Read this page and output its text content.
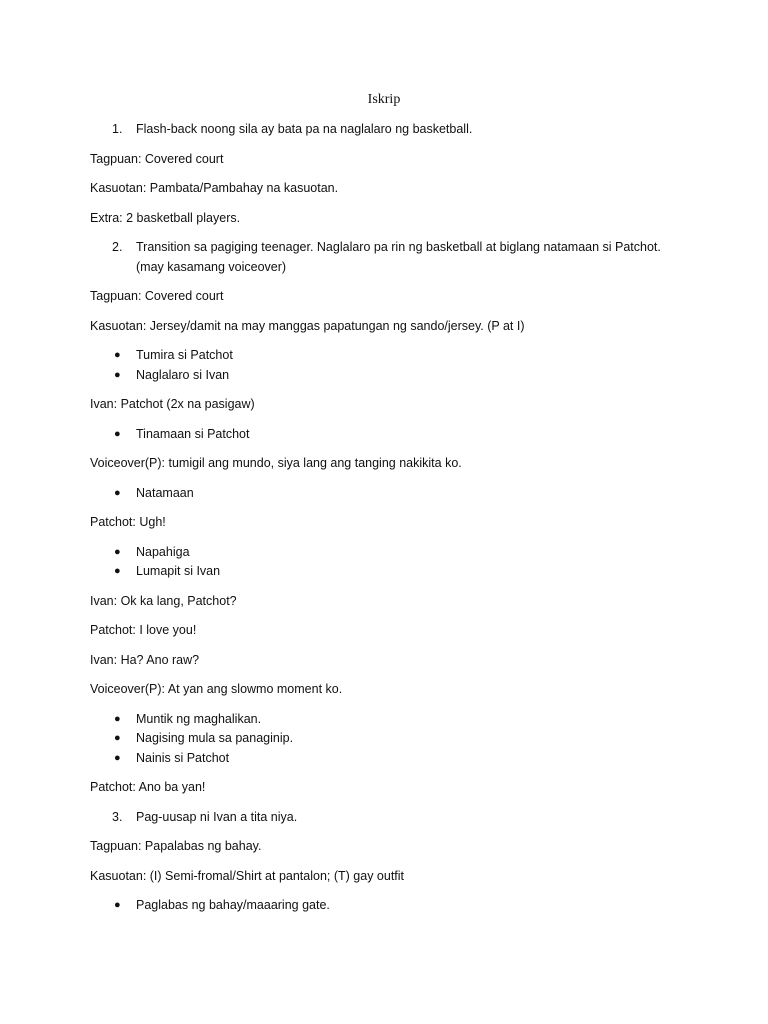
Iskrip
1. Flash-back noong sila ay bata pa na naglalaro ng basketball.
Tagpuan: Covered court
Kasuotan: Pambata/Pambahay na kasuotan.
Extra: 2 basketball players.
2. Transition sa pagiging teenager. Naglalaro pa rin ng basketball at biglang natamaan si Patchot.
(may kasamang voiceover)
Tagpuan: Covered court
Kasuotan: Jersey/damit na may manggas papatungan ng sando/jersey. (P at I)
● Tumira si Patchot
● Naglalaro si Ivan
Ivan: Patchot (2x na pasigaw)
● Tinamaan si Patchot
Voiceover(P): tumigil ang mundo, siya lang ang tanging nakikita ko.
● Natamaan
Patchot: Ugh!
● Napahiga
● Lumapit si Ivan
Ivan: Ok ka lang, Patchot?
Patchot: I love you!
Ivan: Ha? Ano raw?
Voiceover(P): At yan ang slowmo moment ko.
● Muntik ng maghalikan.
● Nagising mula sa panaginip.
● Nainis si Patchot
Patchot: Ano ba yan!
3. Pag-uusap ni Ivan a tita niya.
Tagpuan: Papalabas ng bahay.
Kasuotan: (I) Semi-fromal/Shirt at pantalon; (T) gay outfit
● Paglabas ng bahay/maaaring gate.
